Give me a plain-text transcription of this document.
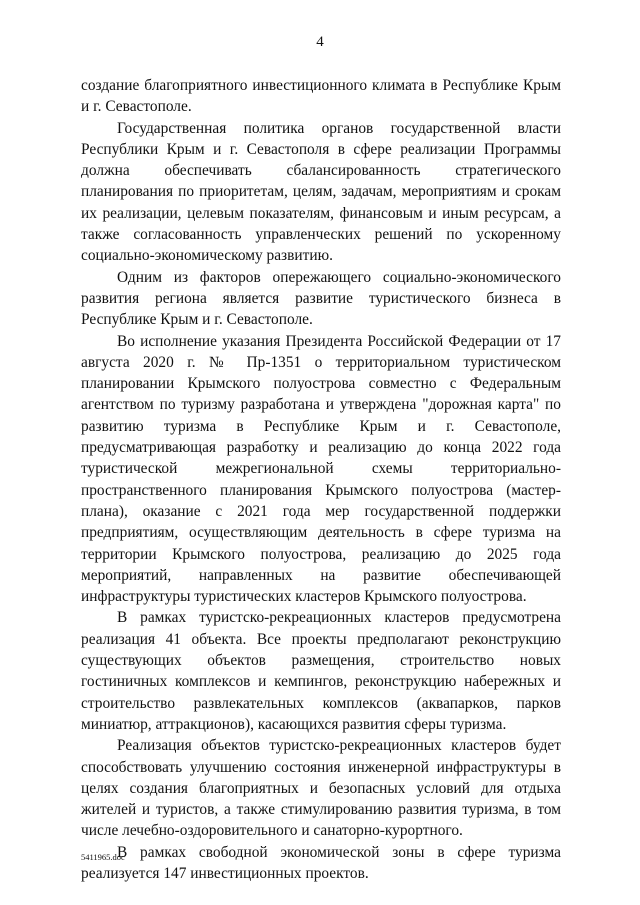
4

создание благоприятного инвестиционного климата в Республике Крым и г. Севастополе.

Государственная политика органов государственной власти Республики Крым и г. Севастополя в сфере реализации Программы должна обеспечивать сбалансированность стратегического планирования по приоритетам, целям, задачам, мероприятиям и срокам их реализации, целевым показателям, финансовым и иным ресурсам, а также согласованность управленческих решений по ускоренному социально-экономическому развитию.

Одним из факторов опережающего социально-экономического развития региона является развитие туристического бизнеса в Республике Крым и г. Севастополе.

Во исполнение указания Президента Российской Федерации от 17 августа 2020 г. № Пр-1351 о территориальном туристическом планировании Крымского полуострова совместно с Федеральным агентством по туризму разработана и утверждена "дорожная карта" по развитию туризма в Республике Крым и г. Севастополе, предусматривающая разработку и реализацию до конца 2022 года туристической межрегиональной схемы территориально-пространственного планирования Крымского полуострова (мастер-плана), оказание с 2021 года мер государственной поддержки предприятиям, осуществляющим деятельность в сфере туризма на территории Крымского полуострова, реализацию до 2025 года мероприятий, направленных на развитие обеспечивающей инфраструктуры туристических кластеров Крымского полуострова.

В рамках туристско-рекреационных кластеров предусмотрена реализация 41 объекта. Все проекты предполагают реконструкцию существующих объектов размещения, строительство новых гостиничных комплексов и кемпингов, реконструкцию набережных и строительство развлекательных комплексов (аквапарков, парков миниатюр, аттракционов), касающихся развития сферы туризма.

Реализация объектов туристско-рекреационных кластеров будет способствовать улучшению состояния инженерной инфраструктуры в целях создания благоприятных и безопасных условий для отдыха жителей и туристов, а также стимулированию развития туризма, в том числе лечебно-оздоровительного и санаторно-курортного.

В рамках свободной экономической зоны в сфере туризма реализуется 147 инвестиционных проектов.

5411965.doc
